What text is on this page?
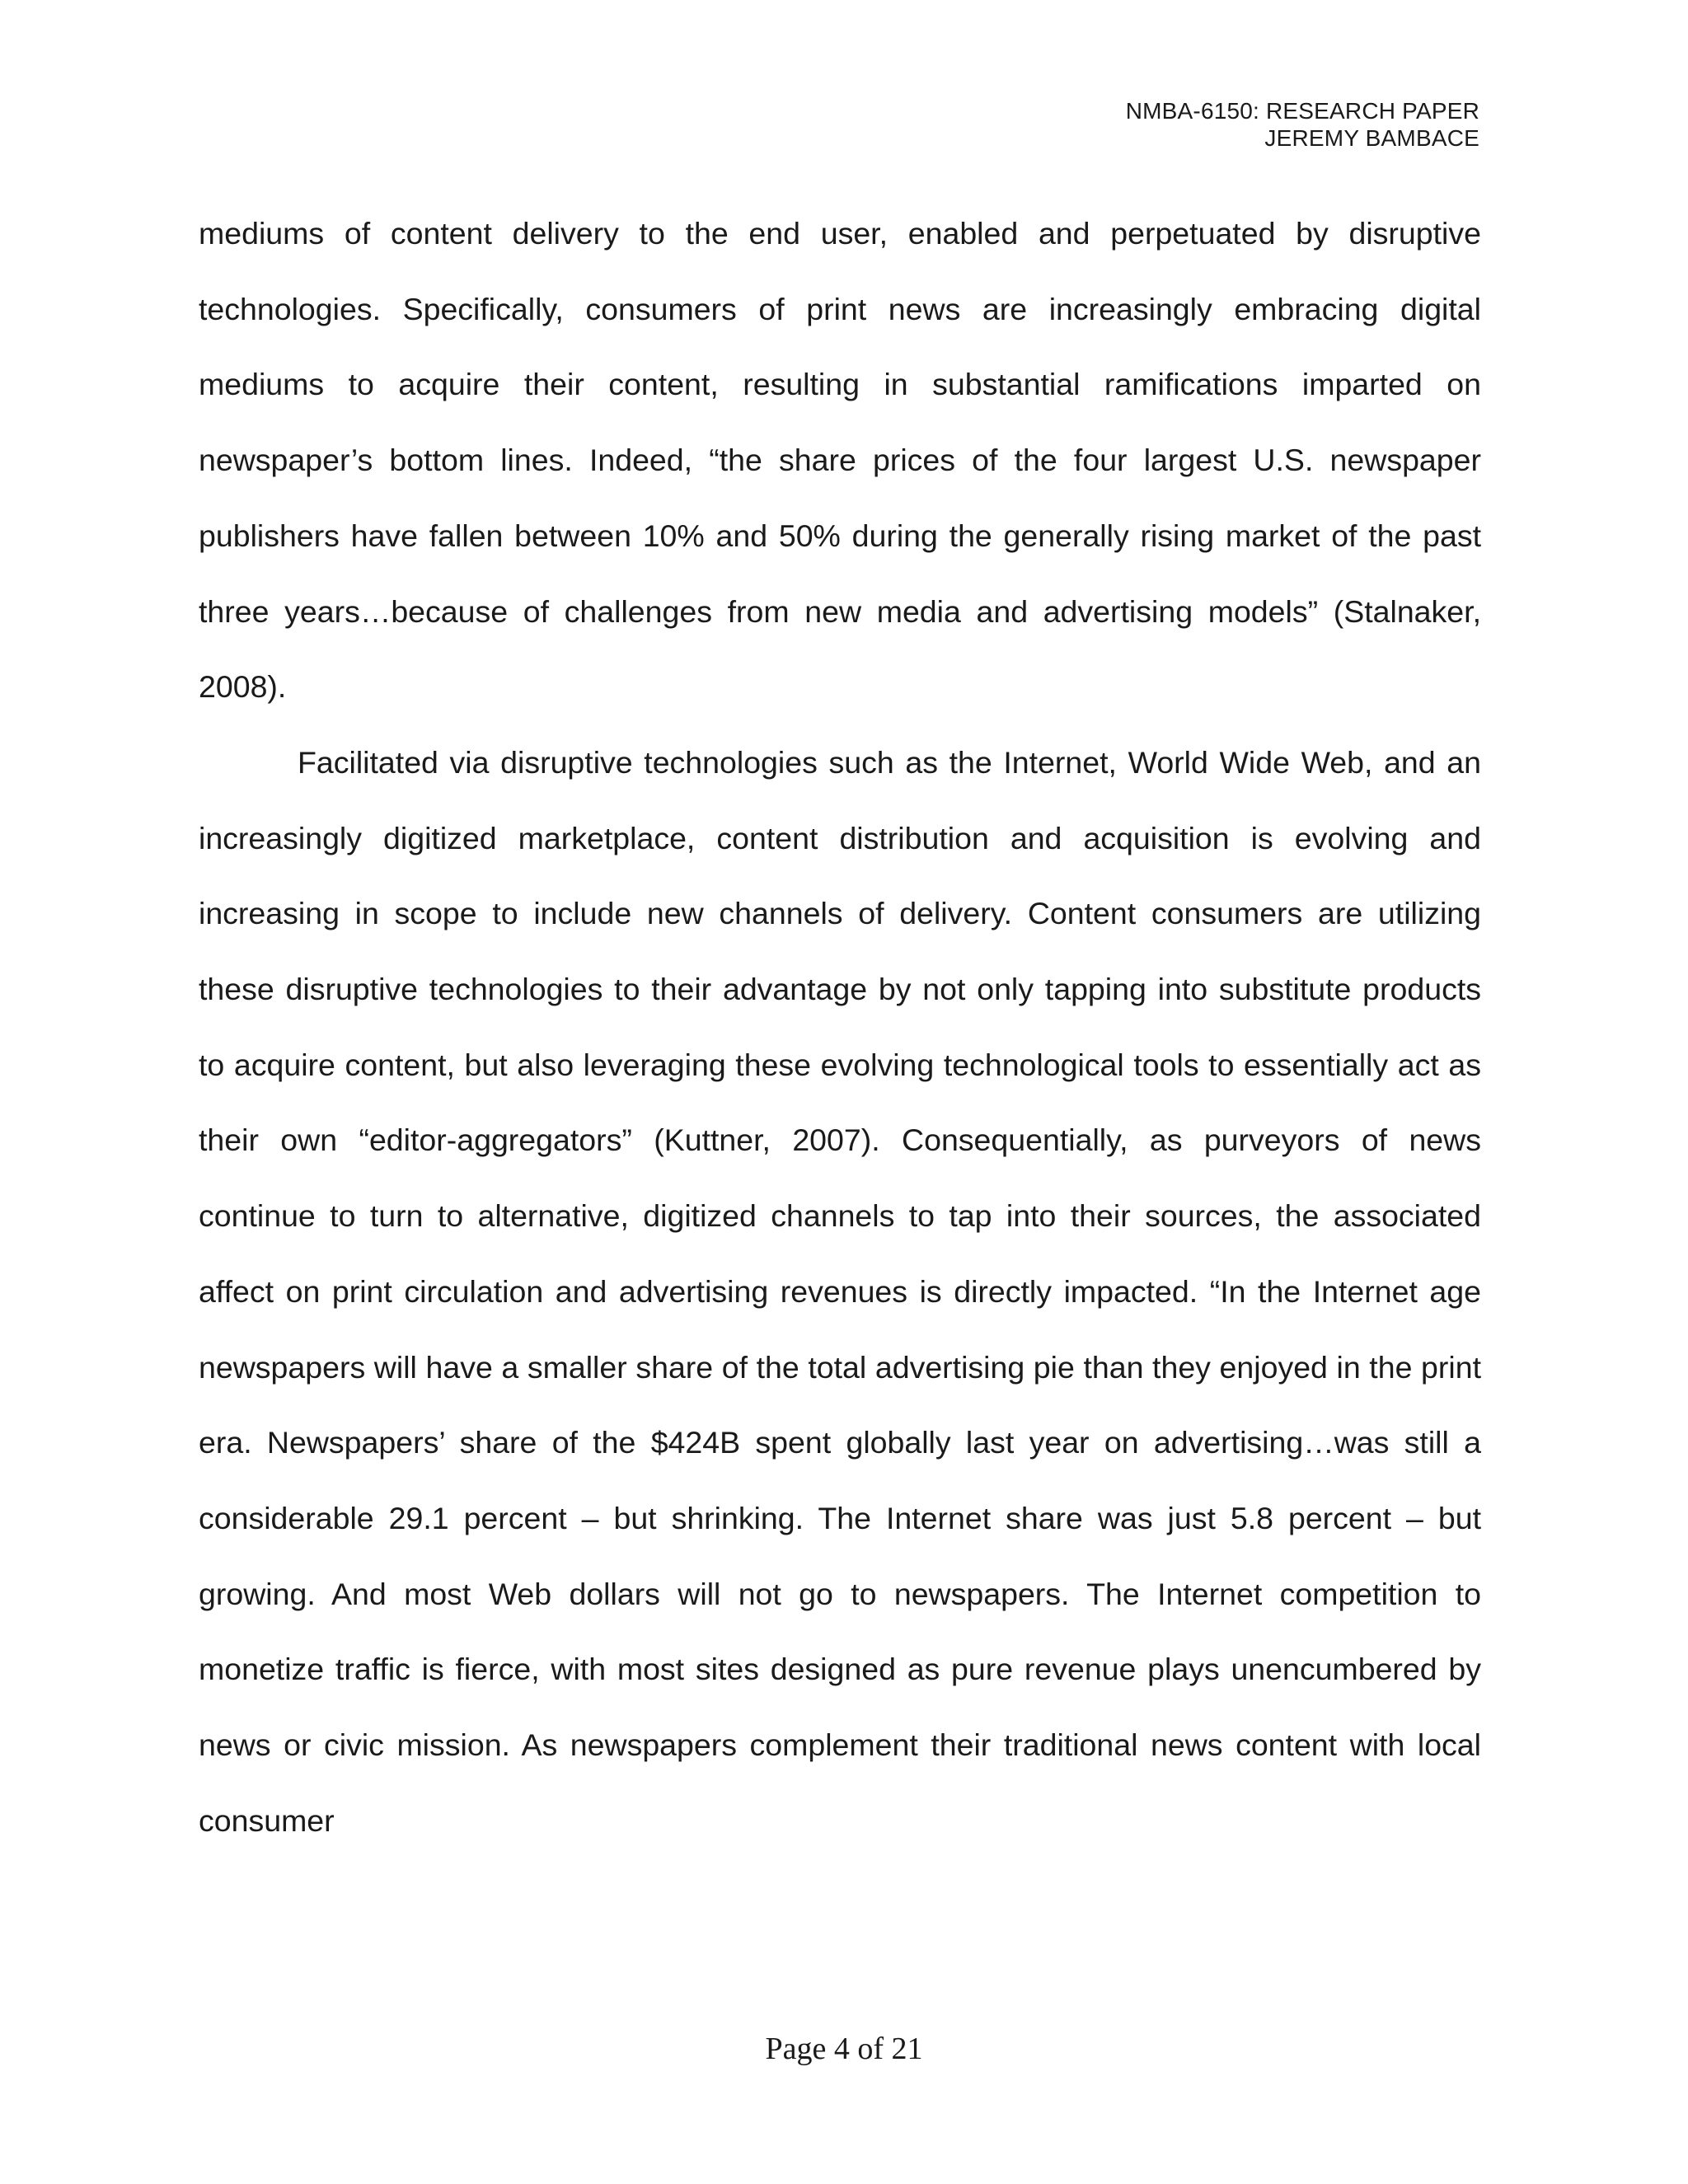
NMBA-6150: RESEARCH PAPER
JEREMY BAMBACE

mediums of content delivery to the end user, enabled and perpetuated by disruptive technologies. Specifically, consumers of print news are increasingly embracing digital mediums to acquire their content, resulting in substantial ramifications imparted on newspaper’s bottom lines. Indeed, “the share prices of the four largest U.S. newspaper publishers have fallen between 10% and 50% during the generally rising market of the past three years…because of challenges from new media and advertising models” (Stalnaker, 2008).

Facilitated via disruptive technologies such as the Internet, World Wide Web, and an increasingly digitized marketplace, content distribution and acquisition is evolving and increasing in scope to include new channels of delivery. Content consumers are utilizing these disruptive technologies to their advantage by not only tapping into substitute products to acquire content, but also leveraging these evolving technological tools to essentially act as their own “editor-aggregators” (Kuttner, 2007). Consequentially, as purveyors of news continue to turn to alternative, digitized channels to tap into their sources, the associated affect on print circulation and advertising revenues is directly impacted. “In the Internet age newspapers will have a smaller share of the total advertising pie than they enjoyed in the print era. Newspapers’ share of the $424B spent globally last year on advertising…was still a considerable 29.1 percent – but shrinking. The Internet share was just 5.8 percent – but growing. And most Web dollars will not go to newspapers. The Internet competition to monetize traffic is fierce, with most sites designed as pure revenue plays unencumbered by news or civic mission. As newspapers complement their traditional news content with local consumer

Page 4 of 21
